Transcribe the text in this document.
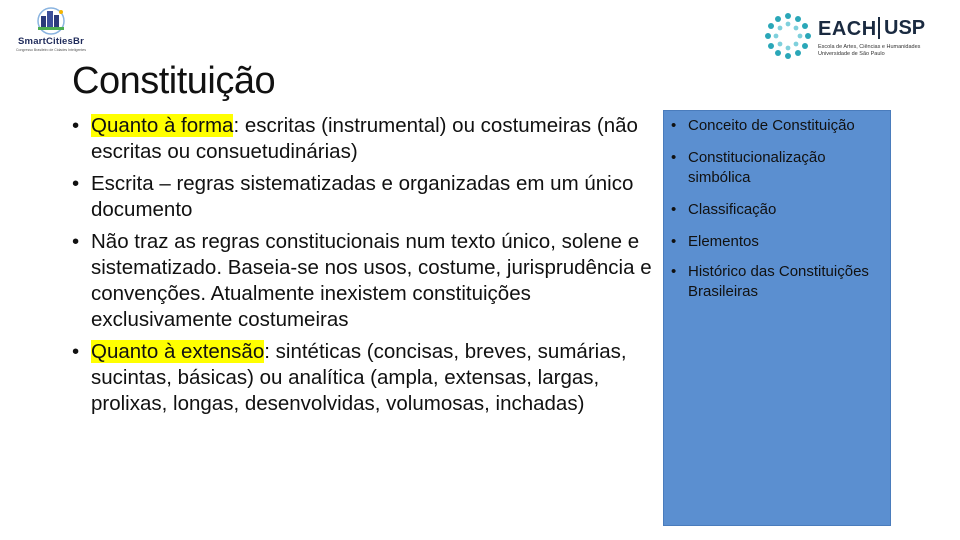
SmartCitiesBr
Congresso Brasileiro de Cidades Inteligentes
EACH USP
Escola de Artes, Ciências e Humanidades Universidade de São Paulo
Constituição
• Quanto à forma: escritas (instrumental) ou costumeiras (não escritas ou consuetudinárias)
• Escrita – regras sistematizadas e organizadas em um único documento
• Não traz as regras constitucionais num texto único, solene e sistematizado. Baseia-se nos usos, costume, jurisprudência e convenções. Atualmente inexistem constituições exclusivamente costumeiras
• Quanto à extensão: sintéticas (concisas, breves, sumárias, sucintas, básicas) ou analítica (ampla, extensas, largas, prolixas, longas, desenvolvidas, volumosas, inchadas)
• Conceito de Constituição
• Constitucionalização simbólica
• Classificação
• Elementos
• Histórico das Constituições Brasileiras
